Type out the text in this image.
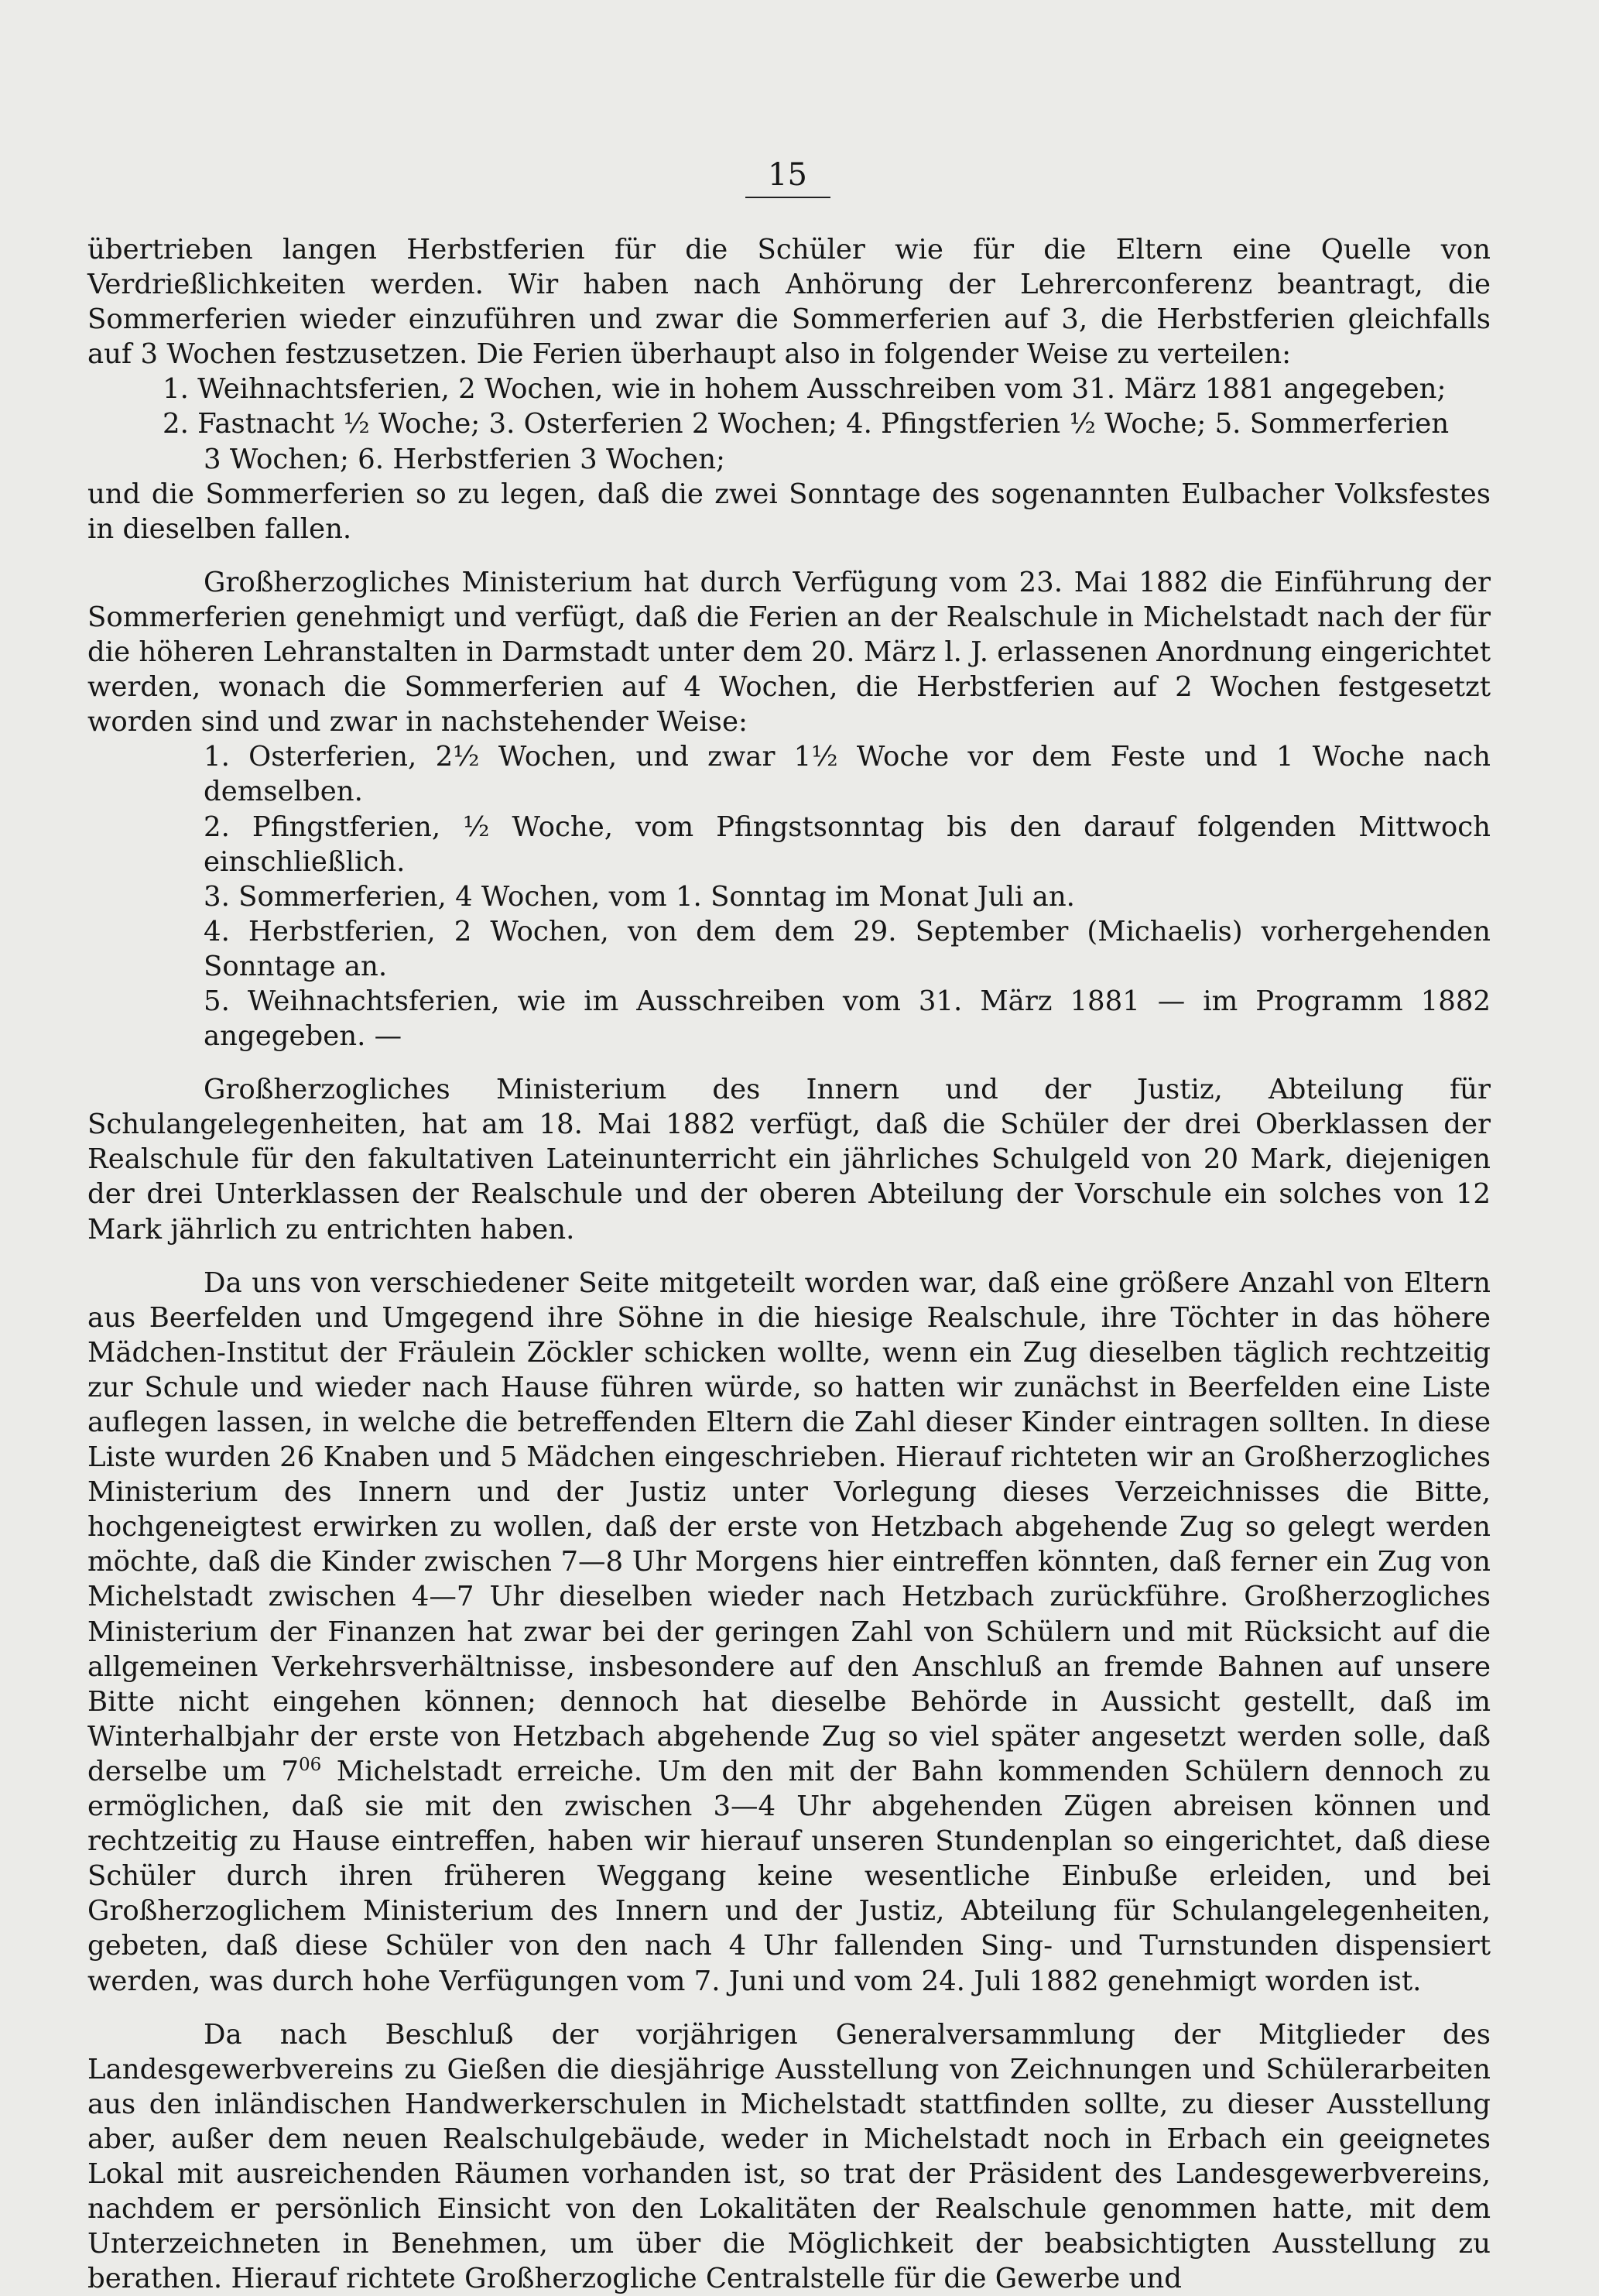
15

übertrieben langen Herbstferien für die Schüler wie für die Eltern eine Quelle von Verdrießlichkeiten werden. Wir haben nach Anhörung der Lehrerconferenz beantragt, die Sommerferien wieder einzuführen und zwar die Sommerferien auf 3, die Herbstferien gleichfalls auf 3 Wochen festzusetzen. Die Ferien überhaupt also in folgender Weise zu verteilen:

1. Weihnachtsferien, 2 Wochen, wie in hohem Ausschreiben vom 31. März 1881 angegeben;
2. Fastnacht ½ Woche; 3. Osterferien 2 Wochen; 4. Pfingstferien ½ Woche; 5. Sommerferien
3 Wochen; 6. Herbstferien 3 Wochen;

und die Sommerferien so zu legen, daß die zwei Sonntage des sogenannten Eulbacher Volksfestes in dieselben fallen.

Großherzogliches Ministerium hat durch Verfügung vom 23. Mai 1882 die Einführung der Sommerferien genehmigt und verfügt, daß die Ferien an der Realschule in Michelstadt nach der für die höheren Lehranstalten in Darmstadt unter dem 20. März l. J. erlassenen Anordnung eingerichtet werden, wonach die Sommerferien auf 4 Wochen, die Herbstferien auf 2 Wochen festgesetzt worden sind und zwar in nachstehender Weise:

1. Osterferien, 2½ Wochen, und zwar 1½ Woche vor dem Feste und 1 Woche nach demselben.
2. Pfingstferien, ½ Woche, vom Pfingstsonntag bis den darauf folgenden Mittwoch einschließlich.
3. Sommerferien, 4 Wochen, vom 1. Sonntag im Monat Juli an.
4. Herbstferien, 2 Wochen, von dem dem 29. September (Michaelis) vorhergehenden Sonntage an.
5. Weihnachtsferien, wie im Ausschreiben vom 31. März 1881 — im Programm 1882 angegeben. —

Großherzogliches Ministerium des Innern und der Justiz, Abteilung für Schulangelegenheiten, hat am 18. Mai 1882 verfügt, daß die Schüler der drei Oberklassen der Realschule für den fakultativen Lateinunterricht ein jährliches Schulgeld von 20 Mark, diejenigen der drei Unterklassen der Realschule und der oberen Abteilung der Vorschule ein solches von 12 Mark jährlich zu entrichten haben.

Da uns von verschiedener Seite mitgeteilt worden war, daß eine größere Anzahl von Eltern aus Beerfelden und Umgegend ihre Söhne in die hiesige Realschule, ihre Töchter in das höhere Mädchen-Institut der Fräulein Zöckler schicken wollte, wenn ein Zug dieselben täglich rechtzeitig zur Schule und wieder nach Hause führen würde, so hatten wir zunächst in Beerfelden eine Liste auflegen lassen, in welche die betreffenden Eltern die Zahl dieser Kinder eintragen sollten. In diese Liste wurden 26 Knaben und 5 Mädchen eingeschrieben. Hierauf richteten wir an Großherzogliches Ministerium des Innern und der Justiz unter Vorlegung dieses Verzeichnisses die Bitte, hochgeneigtest erwirken zu wollen, daß der erste von Hetzbach abgehende Zug so gelegt werden möchte, daß die Kinder zwischen 7—8 Uhr Morgens hier eintreffen könnten, daß ferner ein Zug von Michelstadt zwischen 4—7 Uhr dieselben wieder nach Hetzbach zurückführe. Großherzogliches Ministerium der Finanzen hat zwar bei der geringen Zahl von Schülern und mit Rücksicht auf die allgemeinen Verkehrsverhältnisse, insbesondere auf den Anschluß an fremde Bahnen auf unsere Bitte nicht eingehen können; dennoch hat dieselbe Behörde in Aussicht gestellt, daß im Winterhalbjahr der erste von Hetzbach abgehende Zug so viel später angesetzt werden solle, daß derselbe um $7^{06}$ Michelstadt erreiche. Um den mit der Bahn kommenden Schülern dennoch zu ermöglichen, daß sie mit den zwischen 3—4 Uhr abgehenden Zügen abreisen können und rechtzeitig zu Hause eintreffen, haben wir hierauf unseren Stundenplan so eingerichtet, daß diese Schüler durch ihren früheren Weggang keine wesentliche Einbuße erleiden, und bei Großherzoglichem Ministerium des Innern und der Justiz, Abteilung für Schulangelegenheiten, gebeten, daß diese Schüler von den nach 4 Uhr fallenden Sing- und Turnstunden dispensiert werden, was durch hohe Verfügungen vom 7. Juni und vom 24. Juli 1882 genehmigt worden ist.

Da nach Beschluß der vorjährigen Generalversammlung der Mitglieder des Landesgewerbvereins zu Gießen die diesjährige Ausstellung von Zeichnungen und Schülerarbeiten aus den inländischen Handwerkerschulen in Michelstadt stattfinden sollte, zu dieser Ausstellung aber, außer dem neuen Realschulgebäude, weder in Michelstadt noch in Erbach ein geeignetes Lokal mit ausreichenden Räumen vorhanden ist, so trat der Präsident des Landesgewerbvereins, nachdem er persönlich Einsicht von den Lokalitäten der Realschule genommen hatte, mit dem Unterzeichneten in Benehmen, um über die Möglichkeit der beabsichtigten Ausstellung zu berathen. Hierauf richtete Großherzogliche Centralstelle für die Gewerbe und
